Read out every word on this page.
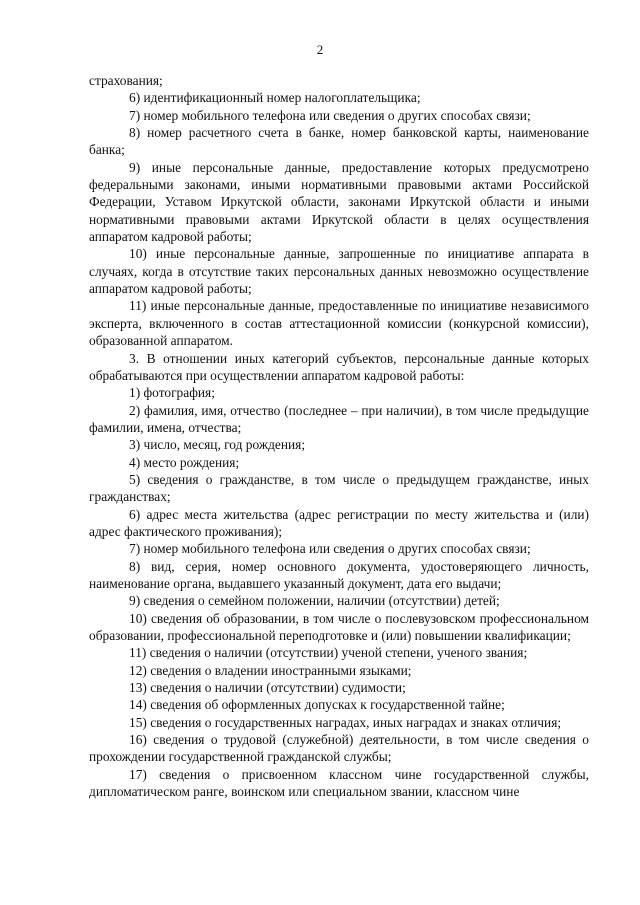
2

страхования;

6) идентификационный номер налогоплательщика;

7) номер мобильного телефона или сведения о других способах связи;

8) номер расчетного счета в банке, номер банковской карты, наименование банка;

9) иные персональные данные, предоставление которых предусмотрено федеральными законами, иными нормативными правовыми актами Российской Федерации, Уставом Иркутской области, законами Иркутской области и иными нормативными правовыми актами Иркутской области в целях осуществления аппаратом кадровой работы;

10) иные персональные данные, запрошенные по инициативе аппарата в случаях, когда в отсутствие таких персональных данных невозможно осуществление аппаратом кадровой работы;

11) иные персональные данные, предоставленные по инициативе независимого эксперта, включенного в состав аттестационной комиссии (конкурсной комиссии), образованной аппаратом.

3. В отношении иных категорий субъектов, персональные данные которых обрабатываются при осуществлении аппаратом кадровой работы:

1) фотография;

2) фамилия, имя, отчество (последнее – при наличии), в том числе предыдущие фамилии, имена, отчества;

3) число, месяц, год рождения;

4) место рождения;

5) сведения о гражданстве, в том числе о предыдущем гражданстве, иных гражданствах;

6) адрес места жительства (адрес регистрации по месту жительства и (или) адрес фактического проживания);

7) номер мобильного телефона или сведения о других способах связи;

8) вид, серия, номер основного документа, удостоверяющего личность, наименование органа, выдавшего указанный документ, дата его выдачи;

9) сведения о семейном положении, наличии (отсутствии) детей;

10) сведения об образовании, в том числе о послевузовском профессиональном образовании, профессиональной переподготовке и (или) повышении квалификации;

11) сведения о наличии (отсутствии) ученой степени, ученого звания;

12) сведения о владении иностранными языками;

13) сведения о наличии (отсутствии) судимости;

14) сведения об оформленных допусках к государственной тайне;

15) сведения о государственных наградах, иных наградах и знаках отличия;

16) сведения о трудовой (служебной) деятельности, в том числе сведения о прохождении государственной гражданской службы;

17) сведения о присвоенном классном чине государственной службы, дипломатическом ранге, воинском или специальном звании, классном чине
